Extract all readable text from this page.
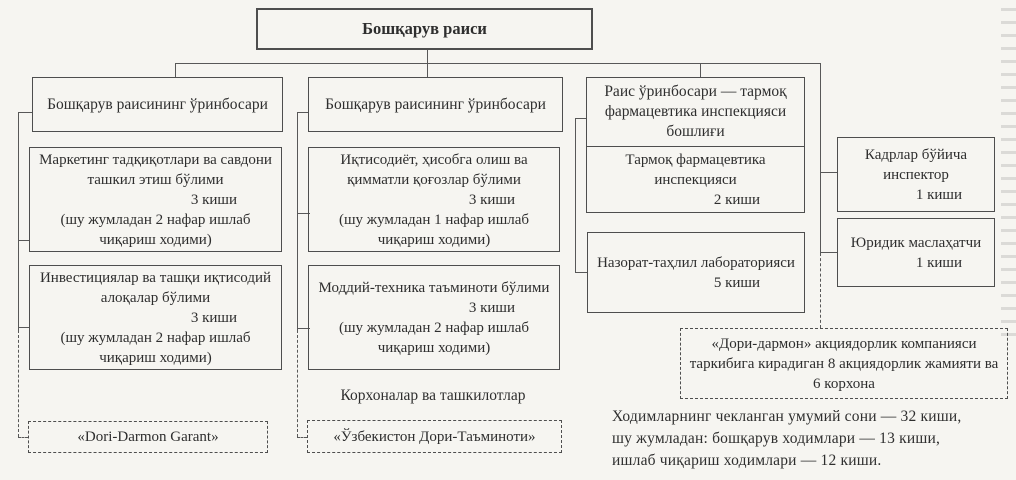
Бошқарув раиси
Бошқарув раисининг ўринбосари
Маркетинг тадқиқотлари ва савдони ташкил этиш бўлими
3 киши
(шу жумладан 2 нафар ишлаб чиқариш ходими)
Инвестициялар ва ташқи иқтисодий алоқалар бўлими
3 киши
(шу жумладан 2 нафар ишлаб чиқариш ходими)
«Dori-Darmon Garant»
Бошқарув раисининг ўринбосари
Иқтисодиёт, ҳисобга олиш ва қимматли қоғозлар бўлими
3 киши
(шу жумладан 1 нафар ишлаб чиқариш ходими)
Моддий-техника таъминоти бўлими
3 киши
(шу жумладан 2 нафар ишлаб чиқариш ходими)
Корхоналар ва ташкилотлар
«Ўзбекистон Дори-Таъминоти»
Раис ўринбосари — тармоқ фармацевтика инспекцияси бошлиғи
Тармоқ фармацевтика инспекцияси
2 киши
Назорат-таҳлил лабораторияси
5 киши
Кадрлар бўйича инспектор
1 киши
Юридик маслаҳатчи
1 киши
«Дори-дармон» акциядорлик компанияси таркибига кирадиган 8 акциядорлик жамияти ва 6 корхона
Ходимларнинг чекланган умумий сони — 32 киши,
шу жумладан: бошқарув ходимлари — 13 киши,
ишлаб чиқариш ходимлари — 12 киши.
